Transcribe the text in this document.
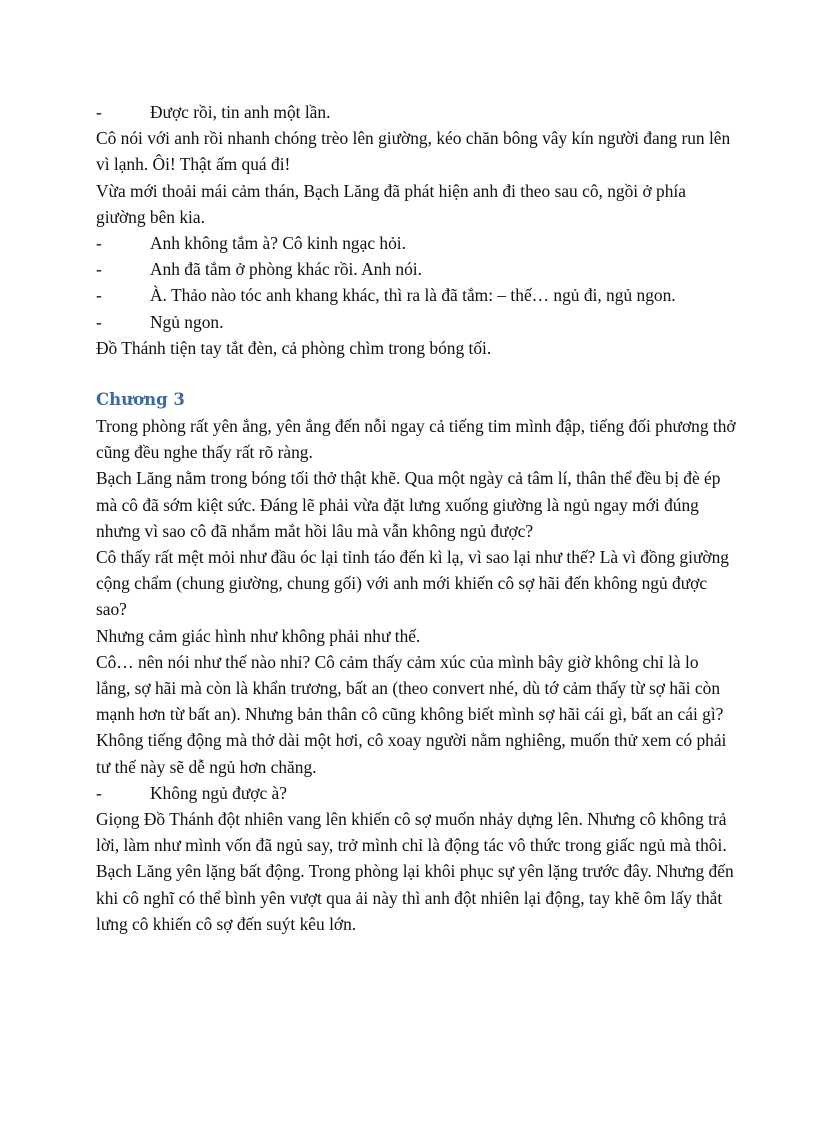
-	Được rồi, tin anh một lần.

Cô nói với anh rồi nhanh chóng trèo lên giường, kéo chăn bông vây kín người đang run lên vì lạnh. Ôi! Thật ấm quá đi!

Vừa mới thoải mái cảm thán, Bạch Lăng đã phát hiện anh đi theo sau cô, ngồi ở phía giường bên kia.

-	Anh không tắm à? Cô kinh ngạc hỏi.
-	Anh đã tắm ở phòng khác rồi. Anh nói.
-	À. Thảo nào tóc anh khang khác, thì ra là đã tắm: – thế… ngủ đi, ngủ ngon.
-	Ngủ ngon.

Đồ Thánh tiện tay tắt đèn, cả phòng chìm trong bóng tối.

Chương 3

Trong phòng rất yên ắng, yên ắng đến nỗi ngay cả tiếng tim mình đập, tiếng đối phương thở cũng đều nghe thấy rất rõ ràng.

Bạch Lăng nằm trong bóng tối thở thật khẽ. Qua một ngày cả tâm lí, thân thể đều bị đè ép mà cô đã sớm kiệt sức. Đáng lẽ phải vừa đặt lưng xuống giường là ngủ ngay mới đúng nhưng vì sao cô đã nhắm mắt hồi lâu mà vẫn không ngủ được?

Cô thấy rất mệt mỏi như đầu óc lại tỉnh táo đến kì lạ, vì sao lại như thế? Là vì đồng giường cộng chẩm (chung giường, chung gối) với anh mới khiến cô sợ hãi đến không ngủ được sao?

Nhưng cảm giác hình như không phải như thế.

Cô… nên nói như thế nào nhỉ? Cô cảm thấy cảm xúc của mình bây giờ không chỉ là lo lắng, sợ hãi mà còn là khẩn trương, bất an (theo convert nhé, dù tớ cảm thấy từ sợ hãi còn mạnh hơn từ bất an). Nhưng bản thân cô cũng không biết mình sợ hãi cái gì, bất an cái gì?

Không tiếng động mà thở dài một hơi, cô xoay người nằm nghiêng, muốn thử xem có phải tư thế này sẽ dễ ngủ hơn chăng.

-	Không ngủ được à?

Giọng Đồ Thánh đột nhiên vang lên khiến cô sợ muốn nhảy dựng lên. Nhưng cô không trả lời, làm như mình vốn đã ngủ say, trở mình chỉ là động tác vô thức trong giấc ngủ mà thôi.

Bạch Lăng yên lặng bất động. Trong phòng lại khôi phục sự yên lặng trước đây. Nhưng đến khi cô nghĩ có thể bình yên vượt qua ải này thì anh đột nhiên lại động, tay khẽ ôm lấy thắt lưng cô khiến cô sợ đến suýt kêu lớn.
